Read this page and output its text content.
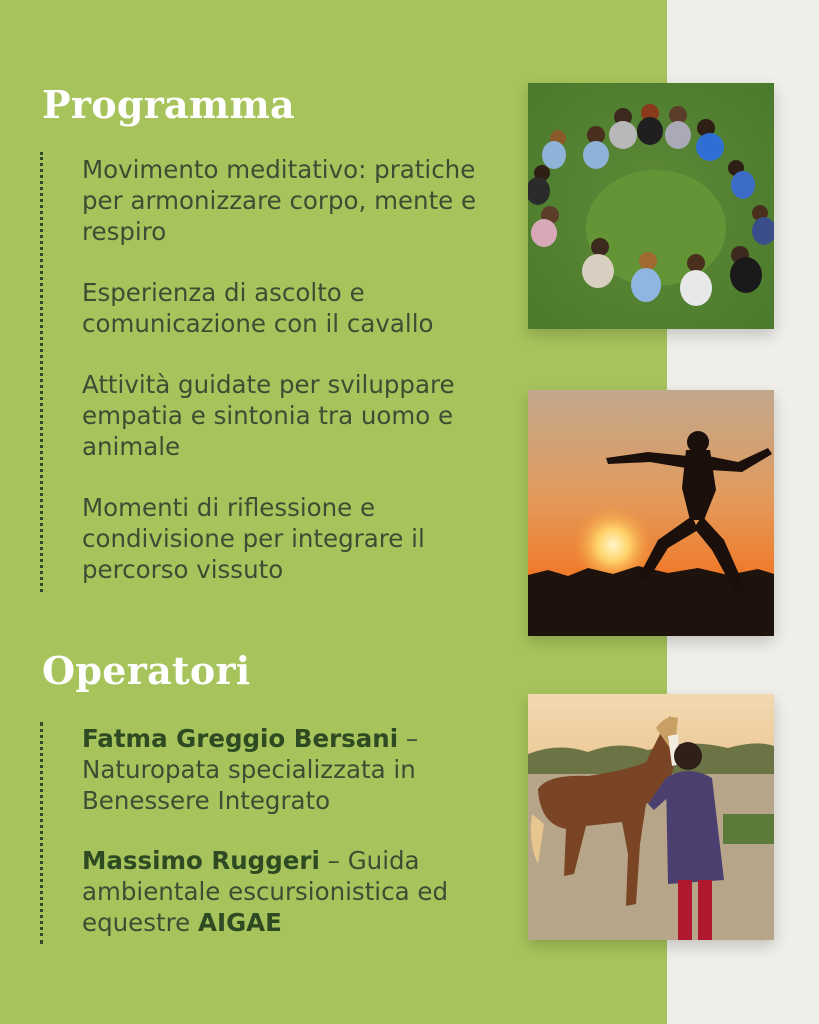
Programma
Movimento meditativo: pratiche per armonizzare corpo, mente e respiro
Esperienza di ascolto e comunicazione con il cavallo
Attività guidate per sviluppare empatia e sintonia tra uomo e animale
Momenti di riflessione e condivisione per integrare il percorso vissuto
Operatori
Fatma Greggio Bersani – Naturopata specializzata in Benessere Integrato
Massimo Ruggeri – Guida ambientale escursionistica ed equestre AIGAE
